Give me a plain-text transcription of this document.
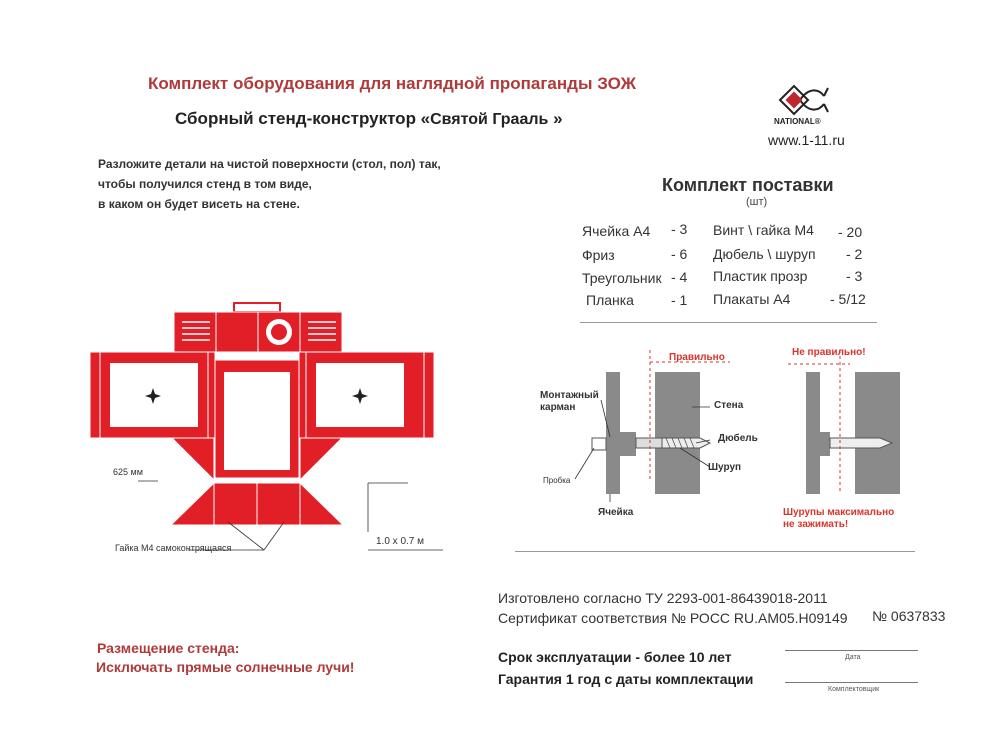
Комплект оборудования для наглядной пропаганды ЗОЖ
Сборный стенд-конструктор «Святой Грааль »	NATIONAL®
www.1-11.ru
Разложите детали на чистой поверхности (стол, пол) так,
чтобы получился стенд в том виде,
в каком он будет висеть на стене.
Комплект поставки
(шт)
Ячейка А4 - 3
Фриз	- 6
Треугольник - 4
Планка	- 1
Винт \ гайка М4 - 20
Дюбель \ шуруп - 2
Пластик прозр	- 3
Плакаты А4	- 5/12
625 мм
Гайка М4 самоконтрящаяся
1.0 x 0.7 м
Правильно	Не правильно!
Монтажный
карман	Стена
Дюбель
Шуруп
Пробка
Ячейка	Шурупы максимально
не зажимать!
Изготовлено согласно ТУ 2293-001-86439018-2011
Сертификат соответствия № РОСС RU.АМ05.Н09149 № 0637833
Срок эксплуатации - более 10 лет
Гарантия 1 год с даты комплектации
Дата
Комплектовщик
Размещение стенда:
Исключать прямые солнечные лучи!
